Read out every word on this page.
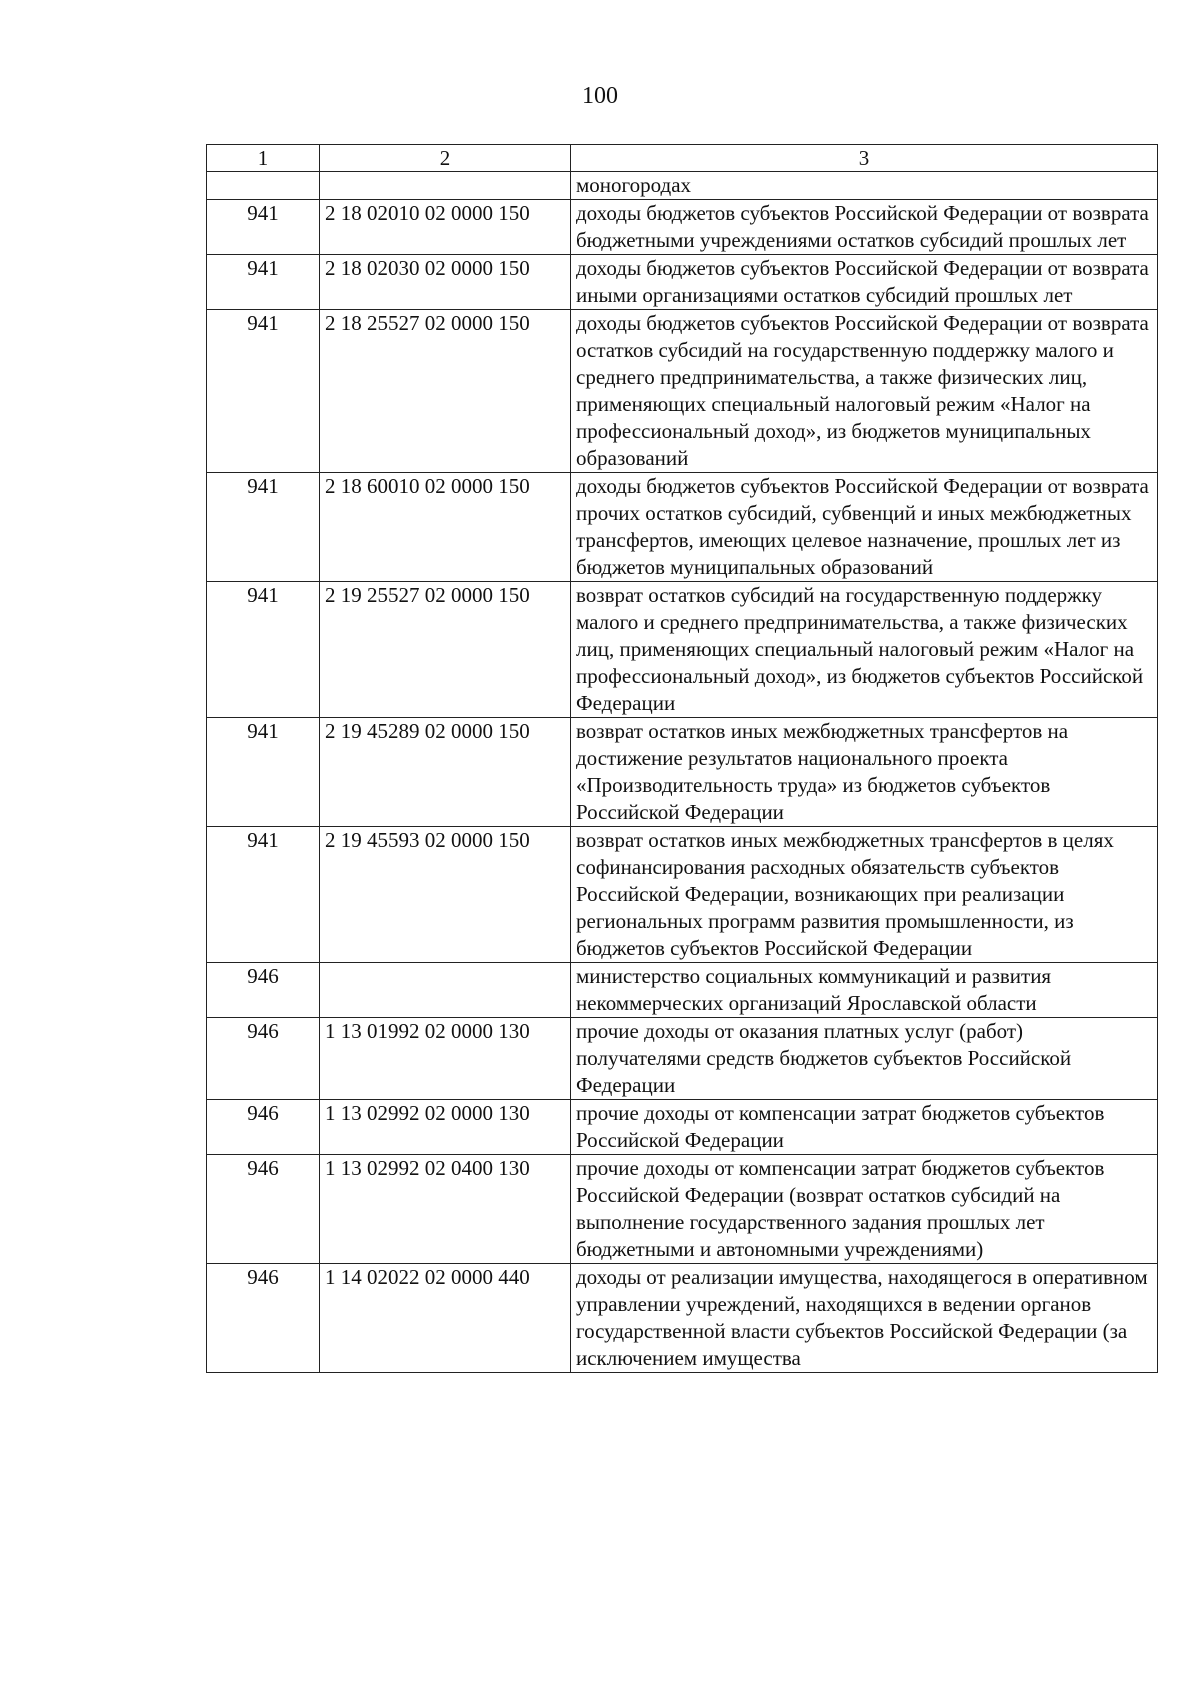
100
1	2	3
		моногородах
941	2 18 02010 02 0000 150	доходы бюджетов субъектов Российской Федерации от возврата бюджетными учреждениями остатков субсидий прошлых лет
941	2 18 02030 02 0000 150	доходы бюджетов субъектов Российской Федерации от возврата иными организациями остатков субсидий прошлых лет
941	2 18 25527 02 0000 150	доходы бюджетов субъектов Российской Федерации от возврата остатков субсидий на государственную поддержку малого и среднего предпринимательства, а также физических лиц, применяющих специальный налоговый режим «Налог на профессиональный доход», из бюджетов муниципальных образований
941	2 18 60010 02 0000 150	доходы бюджетов субъектов Российской Федерации от возврата прочих остатков субсидий, субвенций и иных межбюджетных трансфертов, имеющих целевое назначение, прошлых лет из бюджетов муниципальных образований
941	2 19 25527 02 0000 150	возврат остатков субсидий на государственную поддержку малого и среднего предпринимательства, а также физических лиц, применяющих специальный налоговый режим «Налог на профессиональный доход», из бюджетов субъектов Российской Федерации
941	2 19 45289 02 0000 150	возврат остатков иных межбюджетных трансфертов на достижение результатов национального проекта «Производительность труда» из бюджетов субъектов Российской Федерации
941	2 19 45593 02 0000 150	возврат остатков иных межбюджетных трансфертов в целях софинансирования расходных обязательств субъектов Российской Федерации, возникающих при реализации региональных программ развития промышленности, из бюджетов субъектов Российской Федерации
946		министерство социальных коммуникаций и развития некоммерческих организаций Ярославской области
946	1 13 01992 02 0000 130	прочие доходы от оказания платных услуг (работ) получателями средств бюджетов субъектов Российской Федерации
946	1 13 02992 02 0000 130	прочие доходы от компенсации затрат бюджетов субъектов Российской Федерации
946	1 13 02992 02 0400 130	прочие доходы от компенсации затрат бюджетов субъектов Российской Федерации (возврат остатков субсидий на выполнение государственного задания прошлых лет бюджетными и автономными учреждениями)
946	1 14 02022 02 0000 440	доходы от реализации имущества, находящегося в оперативном управлении учреждений, находящихся в ведении органов государственной власти субъектов Российской Федерации (за исключением имущества
